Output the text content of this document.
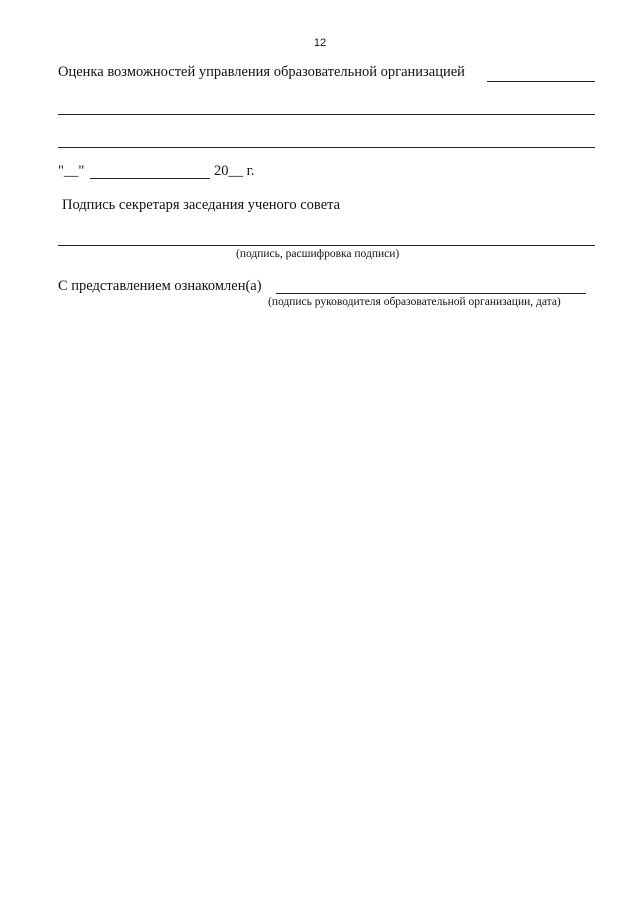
12
Оценка возможностей управления образовательной организацией
"__"	20__ г.
Подпись секретаря заседания ученого совета
(подпись, расшифровка подписи)
С представлением ознакомлен(а)
(подпись руководителя образовательной организации, дата)
